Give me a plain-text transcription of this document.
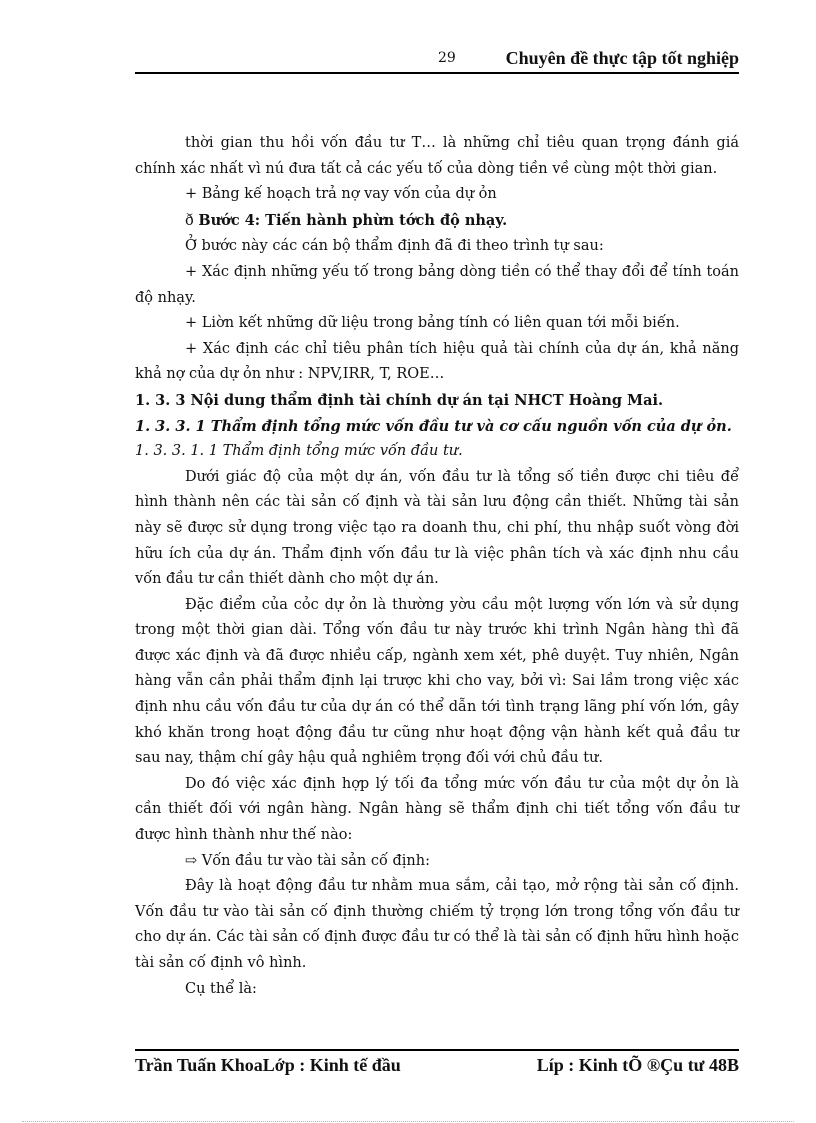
29	Chuyên đề thực tập tốt nghiệp

thời gian thu hồi vốn đầu tư T… là những chỉ tiêu quan trọng đánh giá chính xác nhất vì nú đưa tất cả các yếu tố của dòng tiền về cùng một thời gian.

+ Bảng kế hoạch trả nợ vay vốn của dự ỏn

ð Bước 4: Tiến hành phừn tớch độ nhạy.

Ở bước này các cán bộ thẩm định đã đi theo trình tự sau:

+ Xác định những yếu tố trong bảng dòng tiền có thể thay đổi để tính toán độ nhạy.

+ Liờn kết những dữ liệu trong bảng tính có liên quan tới mỗi biến.

+ Xác định các chỉ tiêu phân tích hiệu quả tài chính của dự án, khả năng khả nợ của dự ỏn như : NPV,IRR, T, ROE…

1. 3. 3 Nội dung thẩm định tài chính dự án tại NHCT Hoàng Mai.

1. 3. 3. 1 Thẩm định tổng mức vốn đầu tư và cơ cấu nguồn vốn của dự ỏn.

1. 3. 3. 1. 1 Thẩm định tổng mức vốn đầu tư.

Dưới giác độ của một dự án, vốn đầu tư là tổng số tiền được chi tiêu để hình thành nên các tài sản cố định và tài sản lưu động cần thiết. Những tài sản này sẽ được sử dụng trong việc tạo ra doanh thu, chi phí, thu nhập suốt vòng đời hữu ích của dự án. Thẩm định vốn đầu tư là việc phân tích và xác định nhu cầu vốn đầu tư cần thiết dành cho một dự án.

Đặc điểm của cỏc dự ỏn là thường yờu cầu một lượng vốn lớn và sử dụng trong một thời gian dài. Tổng vốn đầu tư này trước khi trình Ngân hàng thì đã được xác định và đã được nhiều cấp, ngành xem xét, phê duyệt. Tuy nhiên, Ngân hàng vẫn cần phải thẩm định lại trược khi cho vay, bởi vì: Sai lầm trong việc xác định nhu cầu vốn đầu tư của dự án có thể dẫn tới tình trạng lãng phí vốn lớn, gây khó khăn trong hoạt động đầu tư cũng như hoạt động vận hành kết quả đầu tư sau nay, thậm chí gây hậu quả nghiêm trọng đối với chủ đầu tư.

Do đó việc xác định hợp lý tối đa tổng mức vốn đầu tư của một dự ỏn là cần thiết đối với ngân hàng. Ngân hàng sẽ thẩm định chi tiết tổng vốn đầu tư được hình thành như thế nào:

⇨ Vốn đầu tư vào tài sản cố định:

Đây là hoạt động đầu tư nhằm mua sắm, cải tạo, mở rộng tài sản cố định. Vốn đầu tư vào tài sản cố định thường chiếm tỷ trọng lớn trong tổng vốn đầu tư cho dự án. Các tài sản cố định được đầu tư có thể là tài sản cố định hữu hình hoặc tài sản cố định vô hình.

Cụ thể là:

Trần Tuấn KhoaLớp : Kinh tế đầu	Líp : Kinh tÕ ®Çu tư 48B
